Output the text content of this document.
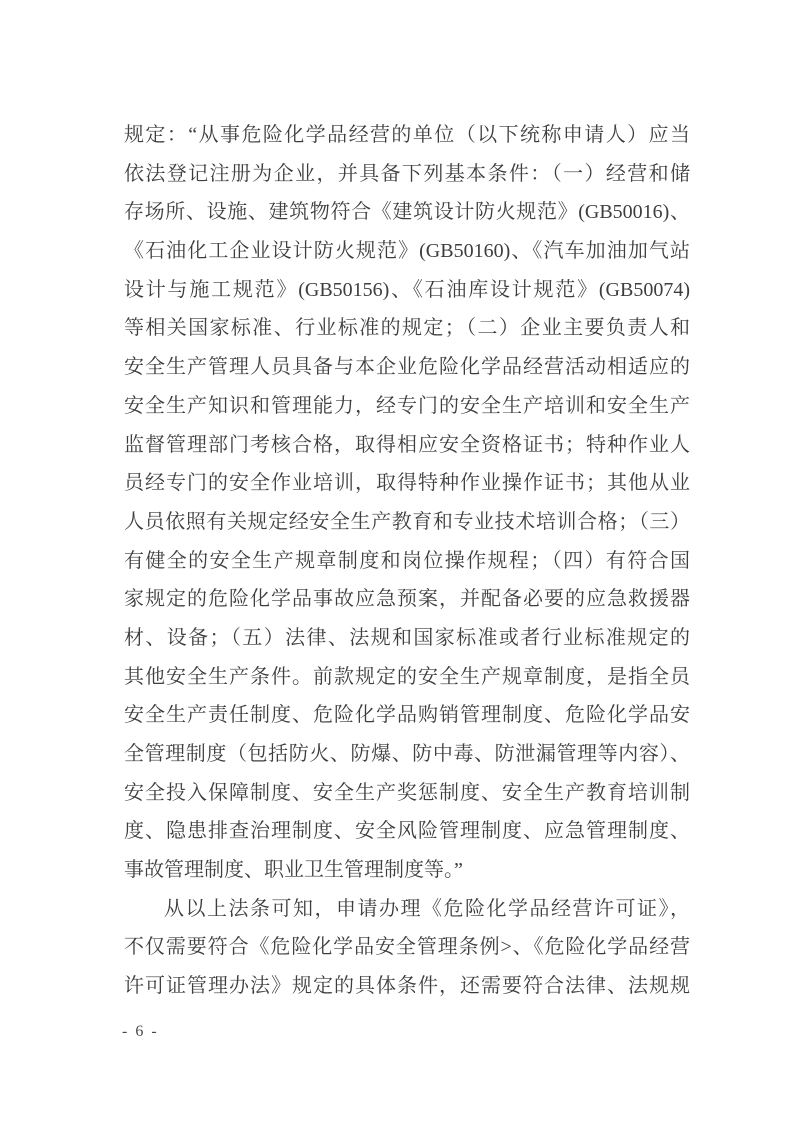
规定：“从事危险化学品经营的单位（以下统称申请人）应当
依法登记注册为企业，并具备下列基本条件：（一）经营和储
存场所、设施、建筑物符合《建筑设计防火规范》(GB50016)、
《石油化工企业设计防火规范》(GB50160)、《汽车加油加气站
设计与施工规范》(GB50156)、《石油库设计规范》(GB50074)
等相关国家标准、行业标准的规定；（二）企业主要负责人和
安全生产管理人员具备与本企业危险化学品经营活动相适应的
安全生产知识和管理能力，经专门的安全生产培训和安全生产
监督管理部门考核合格，取得相应安全资格证书；特种作业人
员经专门的安全作业培训，取得特种作业操作证书；其他从业
人员依照有关规定经安全生产教育和专业技术培训合格；（三）
有健全的安全生产规章制度和岗位操作规程；（四）有符合国
家规定的危险化学品事故应急预案，并配备必要的应急救援器
材、设备；（五）法律、法规和国家标准或者行业标准规定的
其他安全生产条件。前款规定的安全生产规章制度，是指全员
安全生产责任制度、危险化学品购销管理制度、危险化学品安
全管理制度（包括防火、防爆、防中毒、防泄漏管理等内容）、
安全投入保障制度、安全生产奖惩制度、安全生产教育培训制
度、隐患排查治理制度、安全风险管理制度、应急管理制度、
事故管理制度、职业卫生管理制度等。”
从以上法条可知，申请办理《危险化学品经营许可证》，
不仅需要符合《危险化学品安全管理条例>、《危险化学品经营
许可证管理办法》规定的具体条件，还需要符合法律、法规规
- 6 -
